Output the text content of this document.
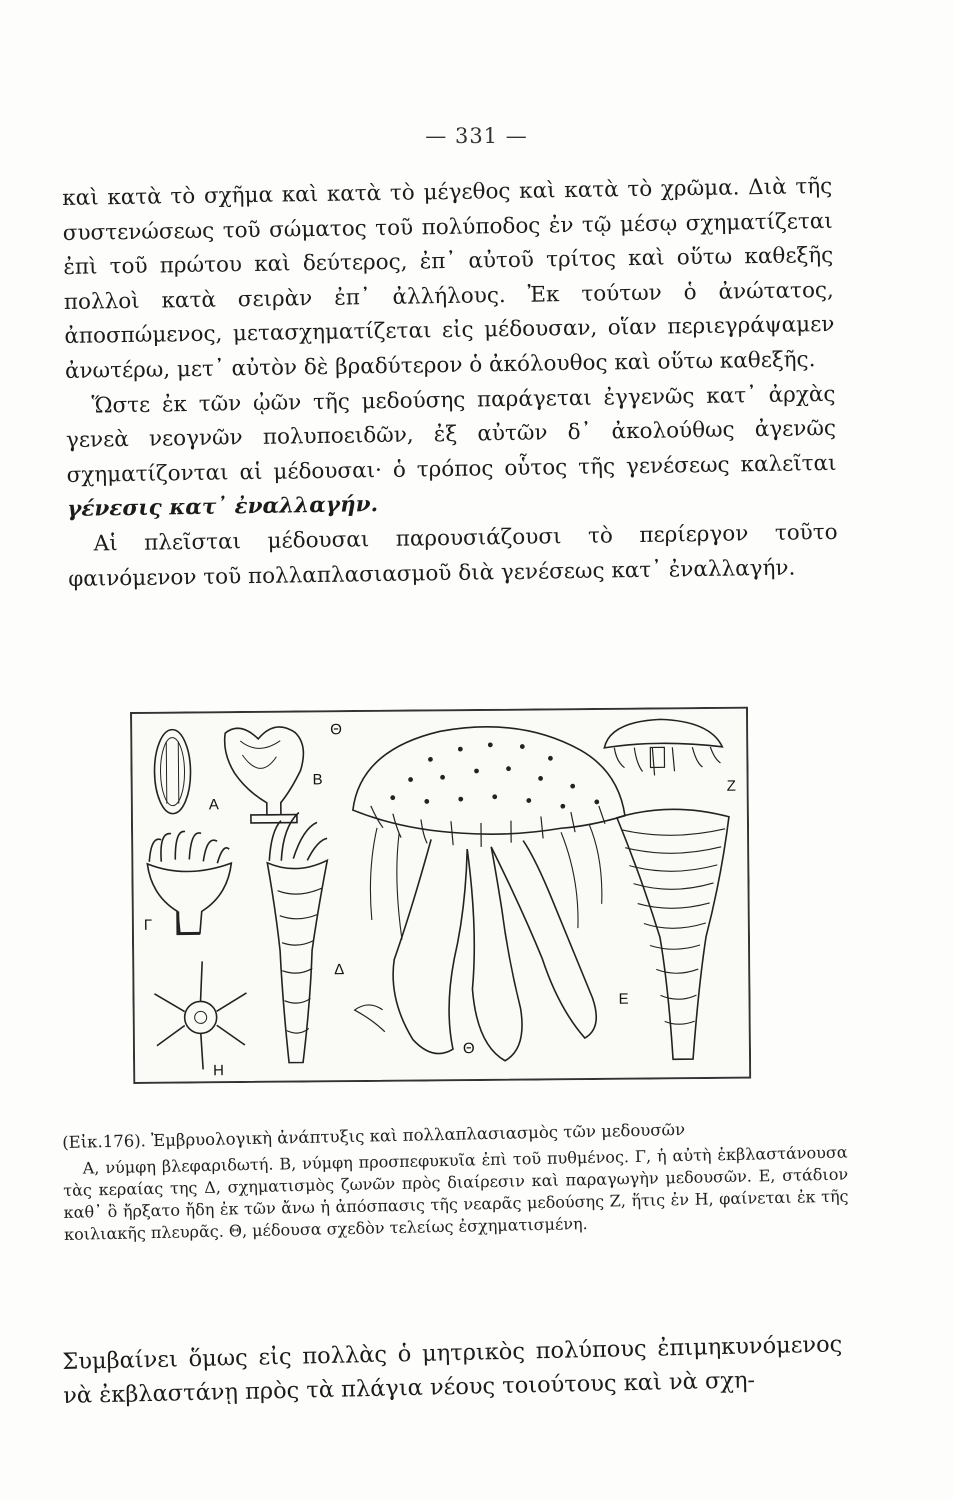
— 331 —

καὶ κατὰ τὸ σχῆμα καὶ κατὰ τὸ μέγεθος καὶ κατὰ τὸ χρῶμα. Διὰ τῆς συστενώσεως τοῦ σώματος τοῦ πολύποδος ἐν τῷ μέσῳ σχηματίζεται ἐπὶ τοῦ πρώτου καὶ δεύτερος, ἐπ᾽ αὐτοῦ τρίτος καὶ οὕτω καθεξῆς πολλοὶ κατὰ σειρὰν ἐπ᾽ ἀλλήλους. Ἐκ τούτων ὁ ἀνώτατος, ἀποσπώμενος, μετασχηματίζεται εἰς μέδουσαν, οἵαν περιεγράψαμεν ἀνωτέρω, μετ᾽ αὐτὸν δὲ βραδύτερον ὁ ἀκόλουθος καὶ οὕτω καθεξῆς.

Ὥστε ἐκ τῶν ᾠῶν τῆς μεδούσης παράγεται ἐγγενῶς κατ᾽ ἀρχὰς γενεὰ νεογνῶν πολυποειδῶν, ἐξ αὐτῶν δ᾽ ἀκολούθως ἀγενῶς σχηματίζονται αἱ μέδουσαι· ὁ τρόπος οὗτος τῆς γενέσεως καλεῖται γένεσις κατ᾽ ἐναλλαγήν.

Αἱ πλεῖσται μέδουσαι παρουσιάζουσι τὸ περίεργον τοῦτο φαινόμενον τοῦ πολλαπλασιασμοῦ διὰ γενέσεως κατ᾽ ἐναλλαγήν.

Α
Β
Γ
Δ
Ε
Ζ
Η
Θ
Θ

(Εἰκ.176). Ἐμβρυολογικὴ ἀνάπτυξις καὶ πολλαπλασιασμὸς τῶν μεδουσῶν

Α, νύμφη βλεφαριδωτή. Β, νύμφη προσπεφυκυῖα ἐπὶ τοῦ πυθμένος. Γ, ἡ αὐτὴ ἐκβλαστάνουσα τὰς κεραίας της Δ, σχηματισμὸς ζωνῶν πρὸς διαίρεσιν καὶ παραγωγὴν μεδουσῶν. Ε, στάδιον καθ᾽ ὃ ἤρξατο ἤδη ἐκ τῶν ἄνω ἡ ἀπόσπασις τῆς νεαρᾶς μεδούσης Ζ, ἥτις ἐν Η, φαίνεται ἐκ τῆς κοιλιακῆς πλευρᾶς. Θ, μέδουσα σχεδὸν τελείως ἐσχηματισμένη.

Συμβαίνει ὅμως εἰς πολλὰς ὁ μητρικὸς πολύπους ἐπιμηκυνόμενος νὰ ἐκβλαστάνῃ πρὸς τὰ πλάγια νέους τοιούτους καὶ νὰ σχη-
